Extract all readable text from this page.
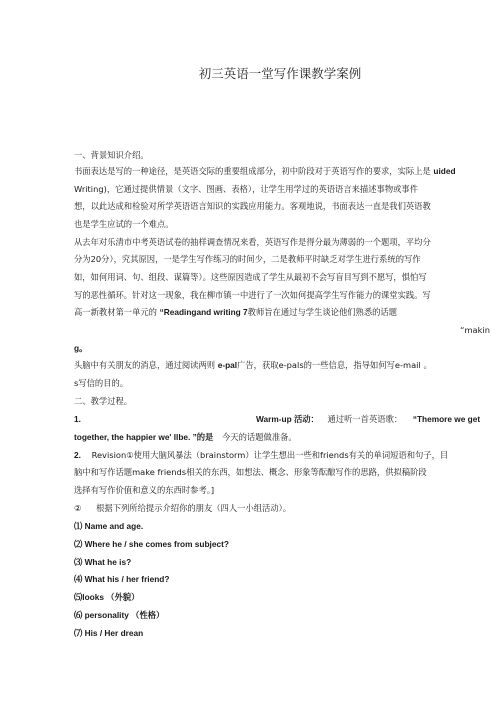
初三英语一堂写作课教学案例
一、背景知识介绍。
书面表达是写的一种途径，是英语交际的重要组成部分，初中阶段对于英语写作的要求，实际上是 uided
Writing)，它通过提供情景（文字、图画、表格），让学生用学过的英语语言来描述事物或事件
想，以此达成和检验对所学英语语言知识的实践应用能力。客观地说，书面表达一直是我们英语教
也是学生应试的一个难点。
从去年对乐清市中考英语试卷的抽样调查情况来看，英语写作是得分最为薄弱的一个题项，平均分
分为20分），究其原因，一是学生写作练习的时间少，二是教师平时缺乏对学生进行系统的写作
如，如何用词、句、组段、谋篇等）。这些原因造成了学生从最初不会写盲目写到不愿写，惧怕写
写的恶性循环。针对这一现象，我在柳市镇一中进行了一次如何提高学生写作能力的课堂实践。写
高一新教材第一单元的 “Readingand writing 7教师旨在通过与学生谈论他们熟悉的话题
“makin
g。
头脑中有关朋友的消息，通过阅读两则 e-pal广告，获取e-pals的一些信息，指导如何写e-mail 。
s写信的目的。
二、教学过程。
1.	Warm-up 活动： 通过听一首英语歌： “Themore we get
together, the happier we' llbe. ”的是 今天的话题做准备。
2. Revision①使用大脑风暴法（brainstorm）让学生想出一些和friends有关的单词短语和句子，目
脑中和写作话题make friends相关的东西，如想法、概念、形象等酝酿写作的思路，供拟稿阶段
选择有写作价值和意义的东西时参考。]
② 根据下列所给提示介绍你的朋友（四人一小组活动）。
⑴ Name and age.
⑵ Where he / she comes from subject?
⑶ What he is?
⑷ What his / her friend?
⑸looks （外貌）
⑹ personality （性格）
⑺ His / Her drean
